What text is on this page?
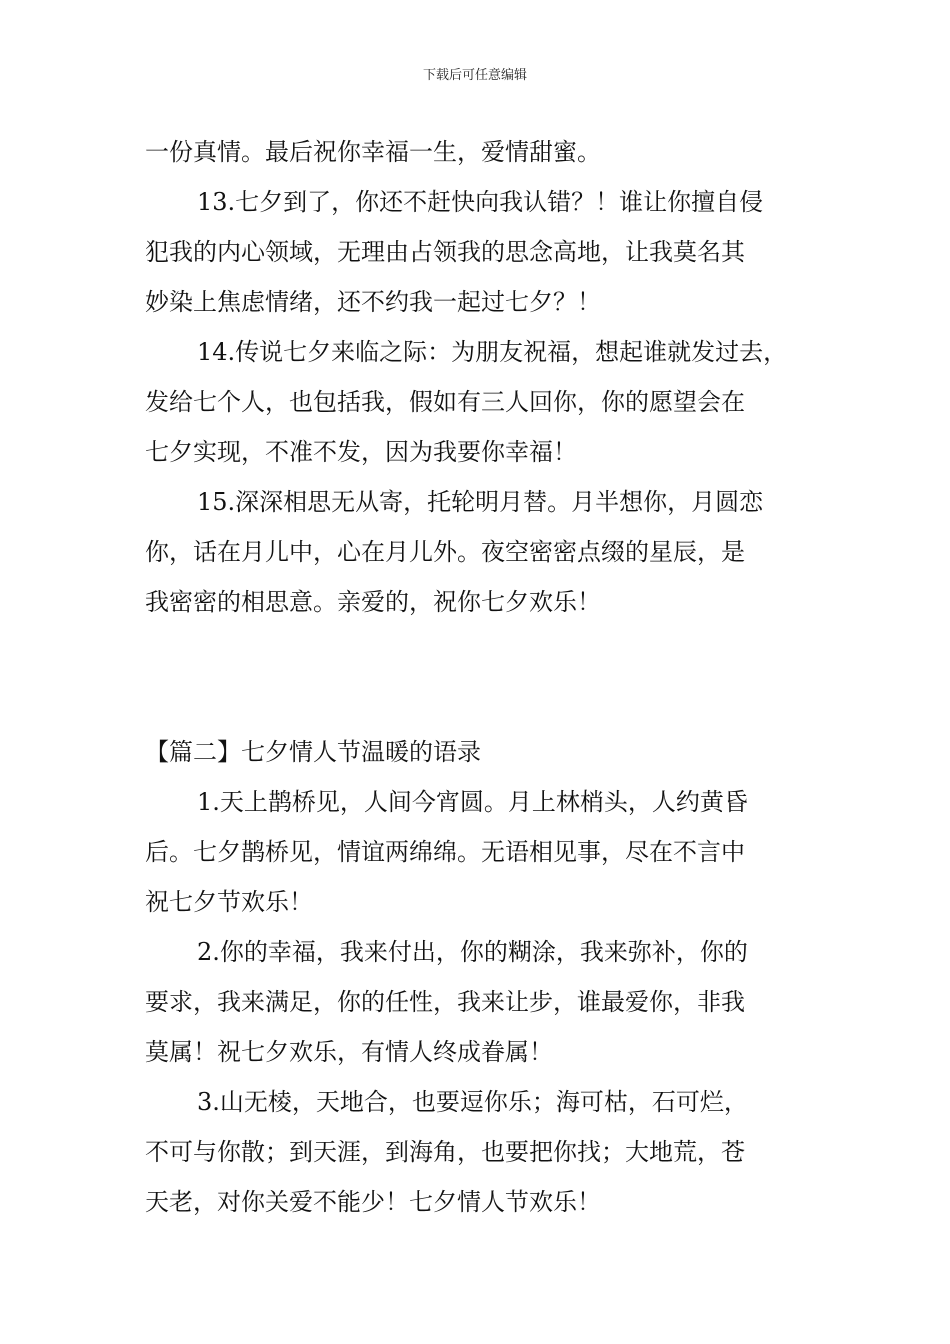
下载后可任意编辑
一份真情。最后祝你幸福一生，爱情甜蜜。
13.七夕到了，你还不赶快向我认错？！谁让你擅自侵
犯我的内心领域，无理由占领我的思念高地，让我莫名其
妙染上焦虑情绪，还不约我一起过七夕？！
14.传说七夕来临之际：为朋友祝福，想起谁就发过去，
发给七个人，也包括我，假如有三人回你，你的愿望会在
七夕实现，不准不发，因为我要你幸福！
15.深深相思无从寄，托轮明月替。月半想你，月圆恋
你，话在月儿中，心在月儿外。夜空密密点缀的星辰，是
我密密的相思意。亲爱的，祝你七夕欢乐！
【篇二】七夕情人节温暖的语录
1.天上鹊桥见，人间今宵圆。月上林梢头，人约黄昏
后。七夕鹊桥见，情谊两绵绵。无语相见事，尽在不言中
祝七夕节欢乐！
2.你的幸福，我来付出，你的糊涂，我来弥补，你的
要求，我来满足，你的任性，我来让步，谁最爱你，非我
莫属！祝七夕欢乐，有情人终成眷属！
3.山无棱，天地合，也要逗你乐；海可枯，石可烂，
不可与你散；到天涯，到海角，也要把你找；大地荒，苍
天老，对你关爱不能少！七夕情人节欢乐！
